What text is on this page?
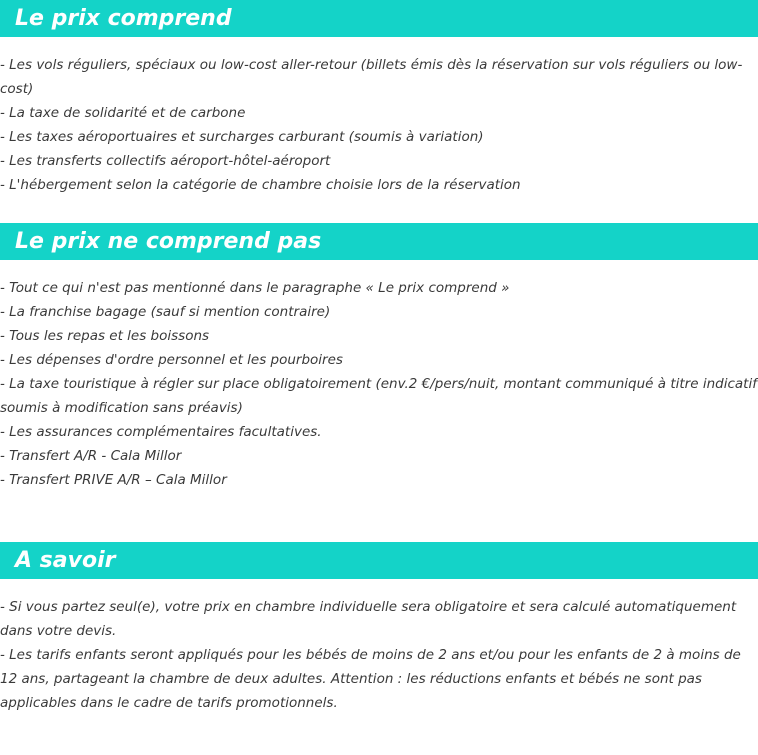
Le prix comprend
- Les vols réguliers, spéciaux ou low-cost aller-retour (billets émis dès la réservation sur vols réguliers ou low-cost)
- La taxe de solidarité et de carbone
- Les taxes aéroportuaires et surcharges carburant (soumis à variation)
- Les transferts collectifs aéroport-hôtel-aéroport
- L'hébergement selon la catégorie de chambre choisie lors de la réservation
Le prix ne comprend pas
- Tout ce qui n'est pas mentionné dans le paragraphe « Le prix comprend »
- La franchise bagage (sauf si mention contraire)
- Tous les repas et les boissons
- Les dépenses d'ordre personnel et les pourboires
- La taxe touristique à régler sur place obligatoirement (env.2 €/pers/nuit, montant communiqué à titre indicatif soumis à modification sans préavis)
- Les assurances complémentaires facultatives.
- Transfert A/R - Cala Millor
- Transfert PRIVE A/R – Cala Millor
A savoir
- Si vous partez seul(e), votre prix en chambre individuelle sera obligatoire et sera calculé automatiquement dans votre devis.
- Les tarifs enfants seront appliqués pour les bébés de moins de 2 ans et/ou pour les enfants de 2 à moins de 12 ans, partageant la chambre de deux adultes. Attention : les réductions enfants et bébés ne sont pas applicables dans le cadre de tarifs promotionnels.
